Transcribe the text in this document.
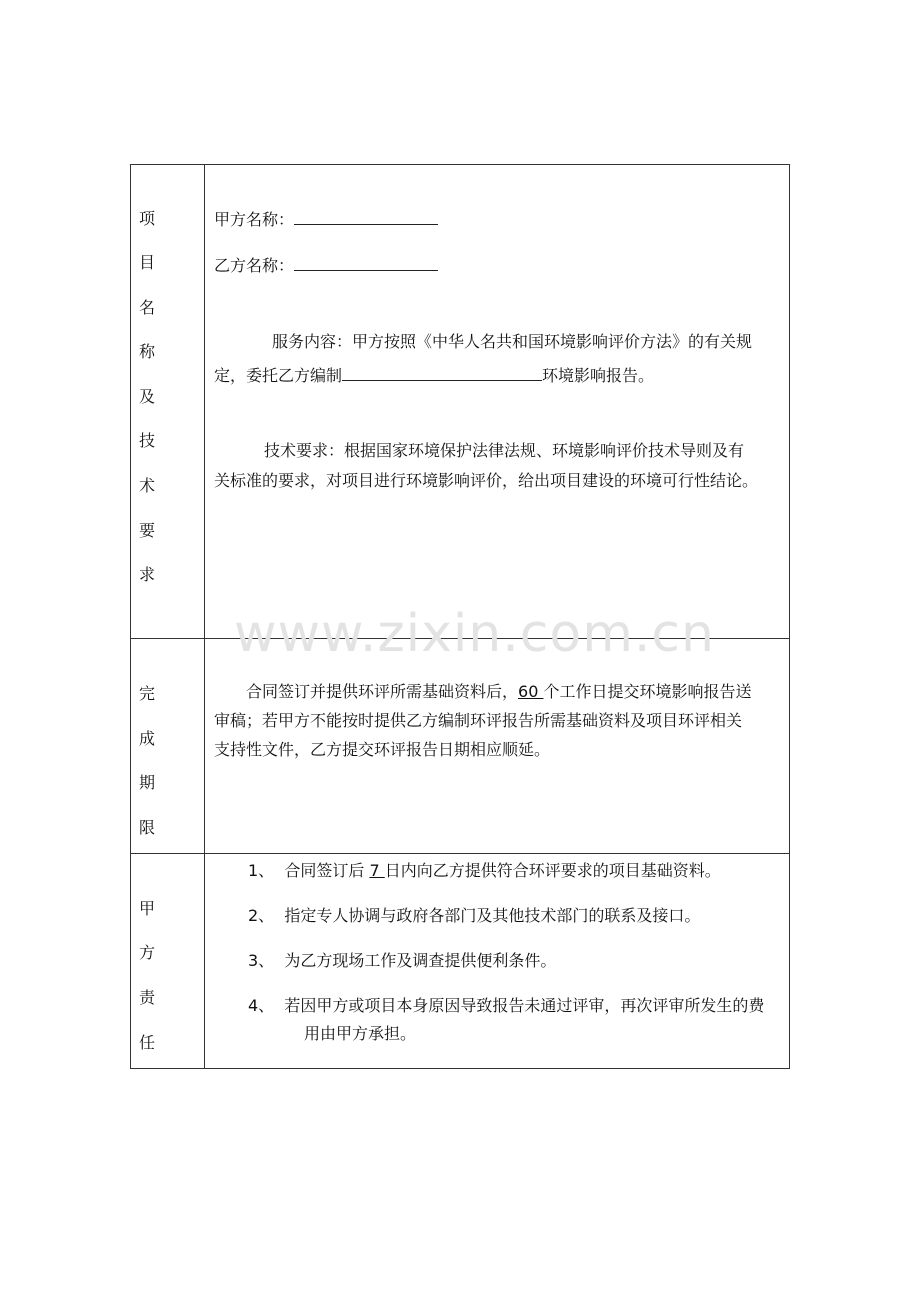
项
目
名
称
及
技
术
要
求
甲方名称：
乙方名称：
服务内容：甲方按照《中华人名共和国环境影响评价方法》的有关规
定，委托乙方编制	环境影响报告。
技术要求：根据国家环境保护法律法规、环境影响评价技术导则及有
关标准的要求，对项目进行环境影响评价，给出项目建设的环境可行性结论。
完
成
期
限
合同签订并提供环评所需基础资料后，60 个工作日提交环境影响报告送
审稿；若甲方不能按时提供乙方编制环评报告所需基础资料及项目环评相关
支持性文件，乙方提交环评报告日期相应顺延。
甲
方
责
任
1、 合同签订后 7 日内向乙方提供符合环评要求的项目基础资料。
2、 指定专人协调与政府各部门及其他技术部门的联系及接口。
3、 为乙方现场工作及调查提供便利条件。
4、 若因甲方或项目本身原因导致报告未通过评审，再次评审所发生的费
用由甲方承担。
www.zixin.com.cn
